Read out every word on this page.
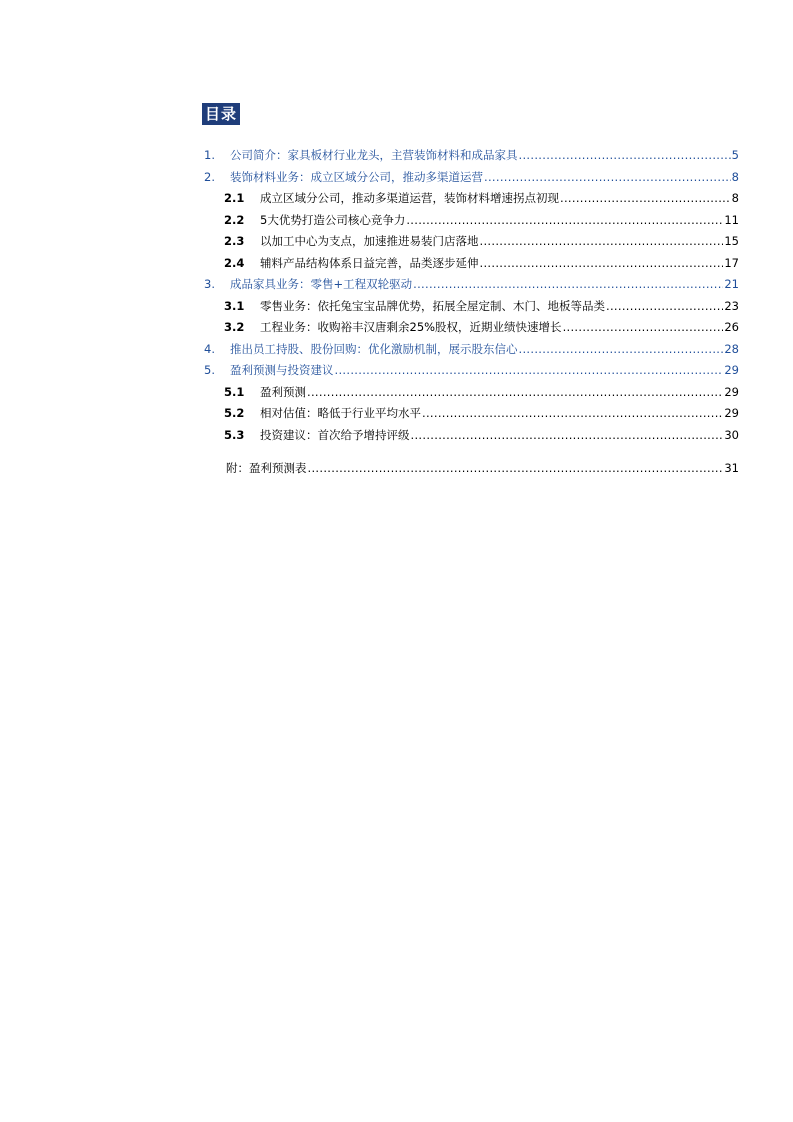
目录
1.	公司简介：家具板材行业龙头，主营装饰材料和成品家具 .....	5
2.	装饰材料业务：成立区域分公司，推动多渠道运营 .....	8
2.1	成立区域分公司，推动多渠道运营，装饰材料增速拐点初现 .....	8
2.2	5大优势打造公司核心竞争力 .....	11
2.3	以加工中心为支点，加速推进易装门店落地 .....	15
2.4	辅料产品结构体系日益完善，品类逐步延伸 .....	17
3.	成品家具业务：零售+工程双轮驱动 .....	21
3.1	零售业务：依托兔宝宝品牌优势，拓展全屋定制、木门、地板等品类 .....	23
3.2	工程业务：收购裕丰汉唐剩余25%股权，近期业绩快速增长 .....	26
4.	推出员工持股、股份回购：优化激励机制，展示股东信心 .....	28
5.	盈利预测与投资建议 .....	29
5.1	盈利预测 .....	29
5.2	相对估值：略低于行业平均水平 .....	29
5.3	投资建议：首次给予增持评级 .....	30
附：盈利预测表 .....	31
